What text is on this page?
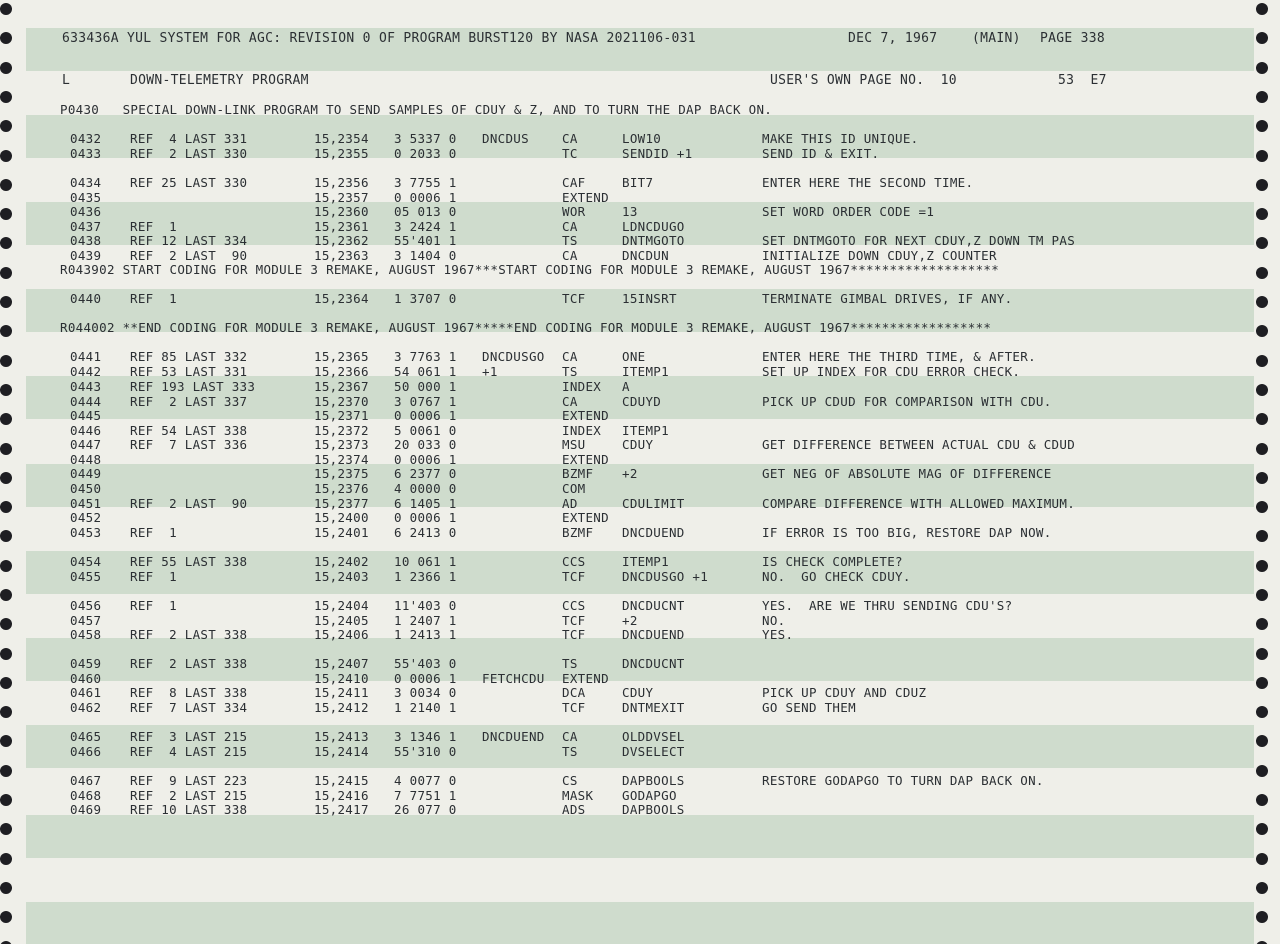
633436A YUL SYSTEM FOR AGC: REVISION 0 OF PROGRAM BURST120 BY NASA 2021106-031

	DEC 7, 1967

	(MAIN)

PAGE 338

L

	DOWN-TELEMETRY PROGRAM

	USER'S OWN PAGE NO.  10

	53  E7

P0430   SPECIAL DOWN-LINK PROGRAM TO SEND SAMPLES OF CDUY & Z, AND TO TURN THE DAP BACK ON.

R043902 START CODING FOR MODULE 3 REMAKE, AUGUST 1967***START CODING FOR MODULE 3 REMAKE, AUGUST 1967*******************

R044002 **END CODING FOR MODULE 3 REMAKE, AUGUST 1967*****END CODING FOR MODULE 3 REMAKE, AUGUST 1967******************

0432 REF  4 LAST 331	15,2354 3 5337 0 DNCDUS	CA	LOW10	MAKE THIS ID UNIQUE.
0433 REF  2 LAST 330	15,2355 0 2033 0	TC	SENDID +1	SEND ID & EXIT.
0434 REF 25 LAST 330	15,2356 3 7755 1	CAF	BIT7	ENTER HERE THE SECOND TIME.
0435	15,2357 0 0006 1	EXTEND
0436	15,2360 05 013 0	WOR	13	SET WORD ORDER CODE =1
0437 REF  1	15,2361 3 2424 1	CA	LDNCDUGO
0438 REF 12 LAST 334	15,2362 55'401 1	TS	DNTMGOTO	SET DNTMGOTO FOR NEXT CDUY,Z DOWN TM PAS
0439 REF  2 LAST  90	15,2363 3 1404 0	CA	DNCDUN	INITIALIZE DOWN CDUY,Z COUNTER
0440 REF  1	15,2364 1 3707 0	TCF	15INSRT	TERMINATE GIMBAL DRIVES, IF ANY.
0441 REF 85 LAST 332	15,2365 3 7763 1 DNCDUSGO CA	ONE	ENTER HERE THE THIRD TIME, & AFTER.
0442 REF 53 LAST 331	15,2366 54 061 1 +1	TS	ITEMP1	SET UP INDEX FOR CDU ERROR CHECK.
0443 REF 193 LAST 333	15,2367 50 000 1	INDEX A
0444 REF  2 LAST 337	15,2370 3 0767 1	CA	CDUYD	PICK UP CDUD FOR COMPARISON WITH CDU.
0445	15,2371 0 0006 1	EXTEND
0446 REF 54 LAST 338	15,2372 5 0061 0	INDEX ITEMP1
0447 REF  7 LAST 336	15,2373 20 033 0	MSU	CDUY	GET DIFFERENCE BETWEEN ACTUAL CDU & CDUD
0448	15,2374 0 0006 1	EXTEND
0449	15,2375 6 2377 0	BZMF +2	GET NEG OF ABSOLUTE MAG OF DIFFERENCE
0450	15,2376 4 0000 0	COM
0451 REF  2 LAST  90	15,2377 6 1405 1	AD	CDULIMIT	COMPARE DIFFERENCE WITH ALLOWED MAXIMUM.
0452	15,2400 0 0006 1	EXTEND
0453 REF  1	15,2401 6 2413 0	BZMF DNCDUEND	IF ERROR IS TOO BIG, RESTORE DAP NOW.
0454 REF 55 LAST 338	15,2402 10 061 1	CCS	ITEMP1	IS CHECK COMPLETE?
0455 REF  1	15,2403 1 2366 1	TCF	DNCDUSGO +1	NO.  GO CHECK CDUY.
0456 REF  1	15,2404 11'403 0	CCS	DNCDUCNT	YES.  ARE WE THRU SENDING CDU'S?
0457	15,2405 1 2407 1	TCF	+2	NO.
0458 REF  2 LAST 338	15,2406 1 2413 1	TCF	DNCDUEND	YES.
0459 REF  2 LAST 338	15,2407 55'403 0	TS	DNCDUCNT
0460	15,2410 0 0006 1 FETCHCDU EXTEND
0461 REF  8 LAST 338	15,2411 3 0034 0	DCA	CDUY	PICK UP CDUY AND CDUZ
0462 REF  7 LAST 334	15,2412 1 2140 1	TCF	DNTMEXIT	GO SEND THEM
0465 REF  3 LAST 215	15,2413 3 1346 1 DNCDUEND CA	OLDDVSEL
0466 REF  4 LAST 215	15,2414 55'310 0	TS	DVSELECT
0467 REF  9 LAST 223	15,2415 4 0077 0	CS	DAPBOOLS	RESTORE GODAPGO TO TURN DAP BACK ON.
0468 REF  2 LAST 215	15,2416 7 7751 1	MASK GODAPGO
0469 REF 10 LAST 338	15,2417 26 077 0	ADS	DAPBOOLS
